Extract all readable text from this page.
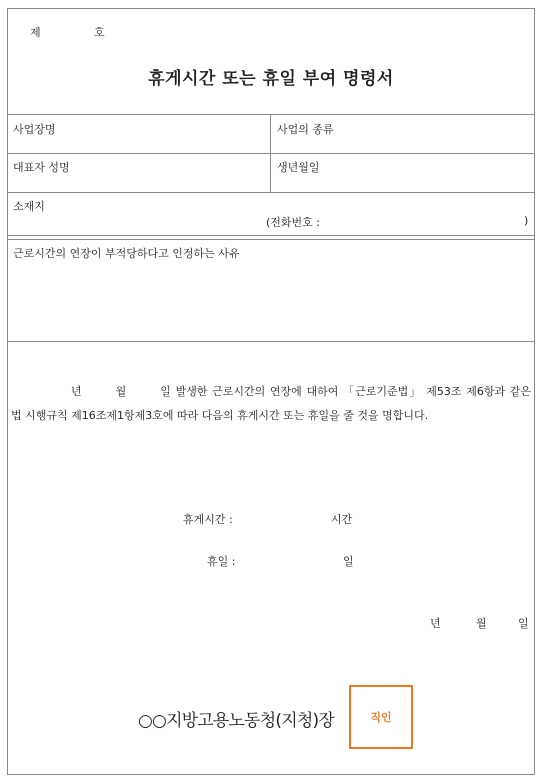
제	호
휴게시간 또는 휴일 부여 명령서
사업장명	사업의 종류
대표자 성명	생년월일
소재지
(전화번호 :	)
근로시간의 연장이 부적당하다고 인정하는 사유
년	월	일 발생한 근로시간의 연장에 대하여 「근로기준법」 제53조 제6항과 같은 법 시행규칙 제16조제1항제3호에 따라 다음의 휴게시간 또는 휴일을 줄 것을 명합니다.
휴게시간 :	시간
휴일 :	일
년	월	일
○○지방고용노동청(지청)장	직인
